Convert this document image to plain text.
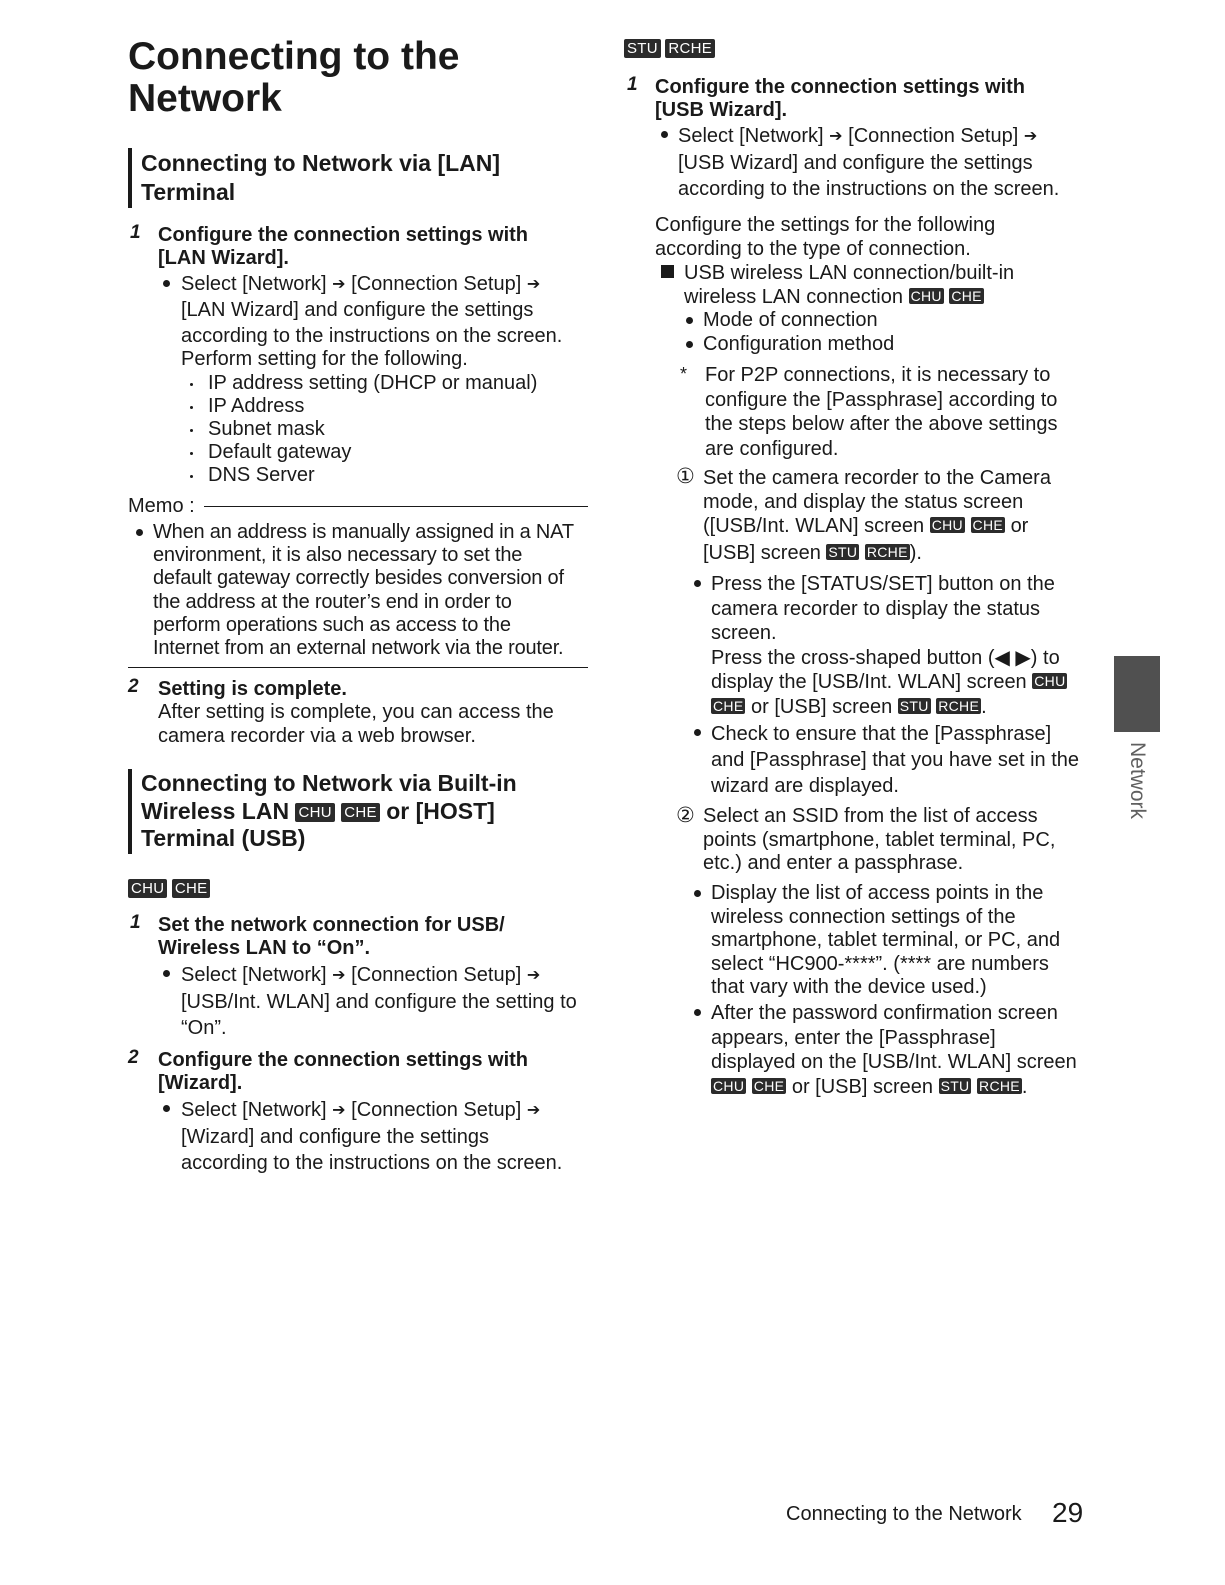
Connecting to the
Network
Connecting to Network via [LAN]
Terminal
1 Configure the connection settings with
[LAN Wizard].
Select [Network] ➔ [Connection Setup] ➔
[LAN Wizard] and configure the settings
according to the instructions on the screen.
Perform setting for the following.
IP address setting (DHCP or manual)
IP Address
Subnet mask
Default gateway
DNS Server
Memo :
When an address is manually assigned in a NAT
environment, it is also necessary to set the
default gateway correctly besides conversion of
the address at the router’s end in order to
perform operations such as access to the
Internet from an external network via the router.
2 Setting is complete.
After setting is complete, you can access the
camera recorder via a web browser.
Connecting to Network via Built-in
Wireless LAN CHU CHE or [HOST]
Terminal (USB)
CHU CHE
1 Set the network connection for USB/
Wireless LAN to “On”.
Select [Network] ➔ [Connection Setup] ➔
[USB/Int. WLAN] and configure the setting to
“On”.
2 Configure the connection settings with
[Wizard].
Select [Network] ➔ [Connection Setup] ➔
[Wizard] and configure the settings
according to the instructions on the screen.
STU RCHE
1 Configure the connection settings with
[USB Wizard].
Select [Network] ➔ [Connection Setup] ➔
[USB Wizard] and configure the settings
according to the instructions on the screen.
Configure the settings for the following
according to the type of connection.
USB wireless LAN connection/built-in
wireless LAN connection CHU CHE
Mode of connection
Configuration method
* For P2P connections, it is necessary to
configure the [Passphrase] according to
the steps below after the above settings
are configured.
① Set the camera recorder to the Camera
mode, and display the status screen
([USB/Int. WLAN] screen CHU CHE or
[USB] screen STU RCHE ).
Press the [STATUS/SET] button on the
camera recorder to display the status
screen.
Press the cross-shaped button (◀ ▶) to
display the [USB/Int. WLAN] screen CHU
CHE or [USB] screen STU RCHE .
Check to ensure that the [Passphrase]
and [Passphrase] that you have set in the
wizard are displayed.
② Select an SSID from the list of access
points (smartphone, tablet terminal, PC,
etc.) and enter a passphrase.
Display the list of access points in the
wireless connection settings of the
smartphone, tablet terminal, or PC, and
select “HC900-****”. (**** are numbers
that vary with the device used.)
After the password confirmation screen
appears, enter the [Passphrase]
displayed on the [USB/Int. WLAN] screen
CHU CHE or [USB] screen STU RCHE .
Network
Connecting to the Network 29
